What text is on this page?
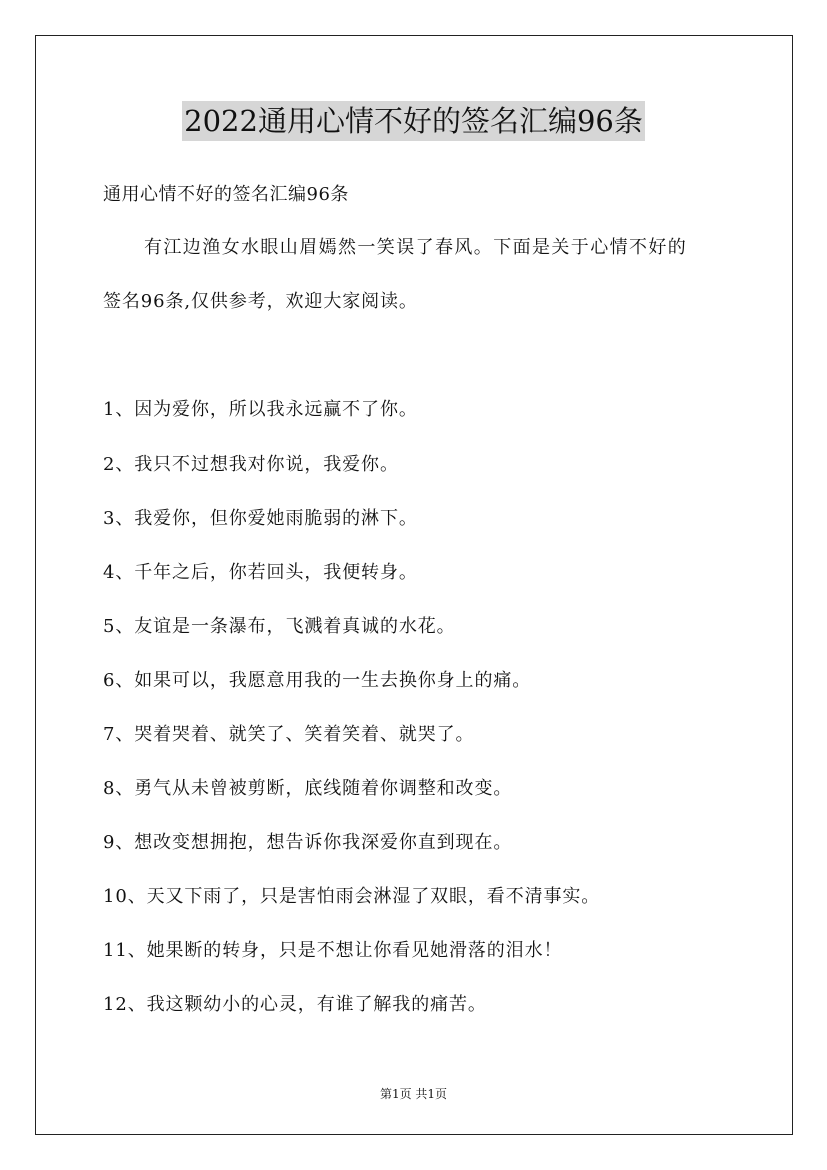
2022通用心情不好的签名汇编96条
通用心情不好的签名汇编96条
有江边渔女水眼山眉嫣然一笑误了春风。下面是关于心情不好的
签名96条,仅供参考，欢迎大家阅读。
1、因为爱你，所以我永远赢不了你。
2、我只不过想我对你说，我爱你。
3、我爱你，但你爱她雨脆弱的淋下。
4、千年之后，你若回头，我便转身。
5、友谊是一条瀑布，飞溅着真诚的水花。
6、如果可以，我愿意用我的一生去换你身上的痛。
7、哭着哭着、就笑了、笑着笑着、就哭了。
8、勇气从未曾被剪断，底线随着你调整和改变。
9、想改变想拥抱，想告诉你我深爱你直到现在。
10、天又下雨了，只是害怕雨会淋湿了双眼，看不清事实。
11、她果断的转身，只是不想让你看见她滑落的泪水！
12、我这颗幼小的心灵，有谁了解我的痛苦。
第1页 共1页
